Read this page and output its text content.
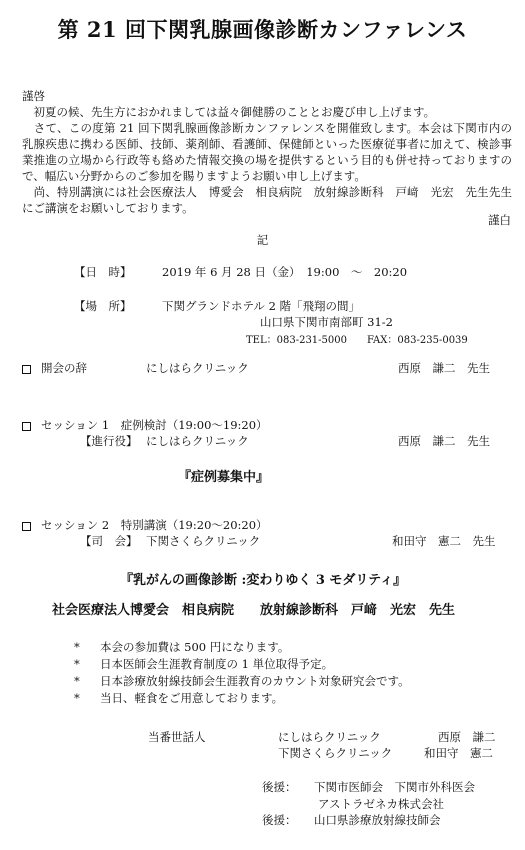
第 21 回下関乳腺画像診断カンファレンス
謹啓

　初夏の候、先生方におかれましては益々御健勝のこととお慶び申し上げます。

　さて、この度第 21 回下関乳腺画像診断カンファレンスを開催致します。本会は下関市内の乳腺疾患に携わる医師、技師、薬剤師、看護師、保健師といった医療従事者に加えて、検診事業推進の立場から行政等も絡めた情報交換の場を提供するという目的も併せ持っておりますので、幅広い分野からのご参加を賜りますようお願い申し上げます。

　尚、特別講演には社会医療法人　博愛会　相良病院　放射線診断科　戸﨑　光宏　先生先生にご講演をお願いしております。

謹白
記
【日　時】	2019 年 6 月 28 日（金）　19:00　～　20:20
【場　所】	下関グランドホテル 2 階「飛翔の間」
山口県下関市南部町 31-2
TEL：083-231-5000　　FAX：083-235-0039
開会の辞	にしはらクリニック	西原　謙二　先生
セッション 1　症例検討（19:00～19:20）
【進行役】 にしはらクリニック	西原　謙二　先生
『症例募集中』
セッション 2　特別講演（19:20～20:20）
【司　会】 下関さくらクリニック	和田守　憲二　先生
『乳がんの画像診断 :変わりゆく 3 モダリティ』
社会医療法人博愛会　相良病院　　放射線診断科　戸﨑　光宏　先生
*	本会の参加費は 500 円になります。
*	日本医師会生涯教育制度の 1 単位取得予定。
*	日本診療放射線技師会生涯教育のカウント対象研究会です。
*	当日、軽食をご用意しております。
当番世話人	にしはらクリニック	西原　謙二
下関さくらクリニック	和田守　憲二
後援： 下関市医師会　下関市外科医会
アストラゼネカ株式会社
後援： 山口県診療放射線技師会
